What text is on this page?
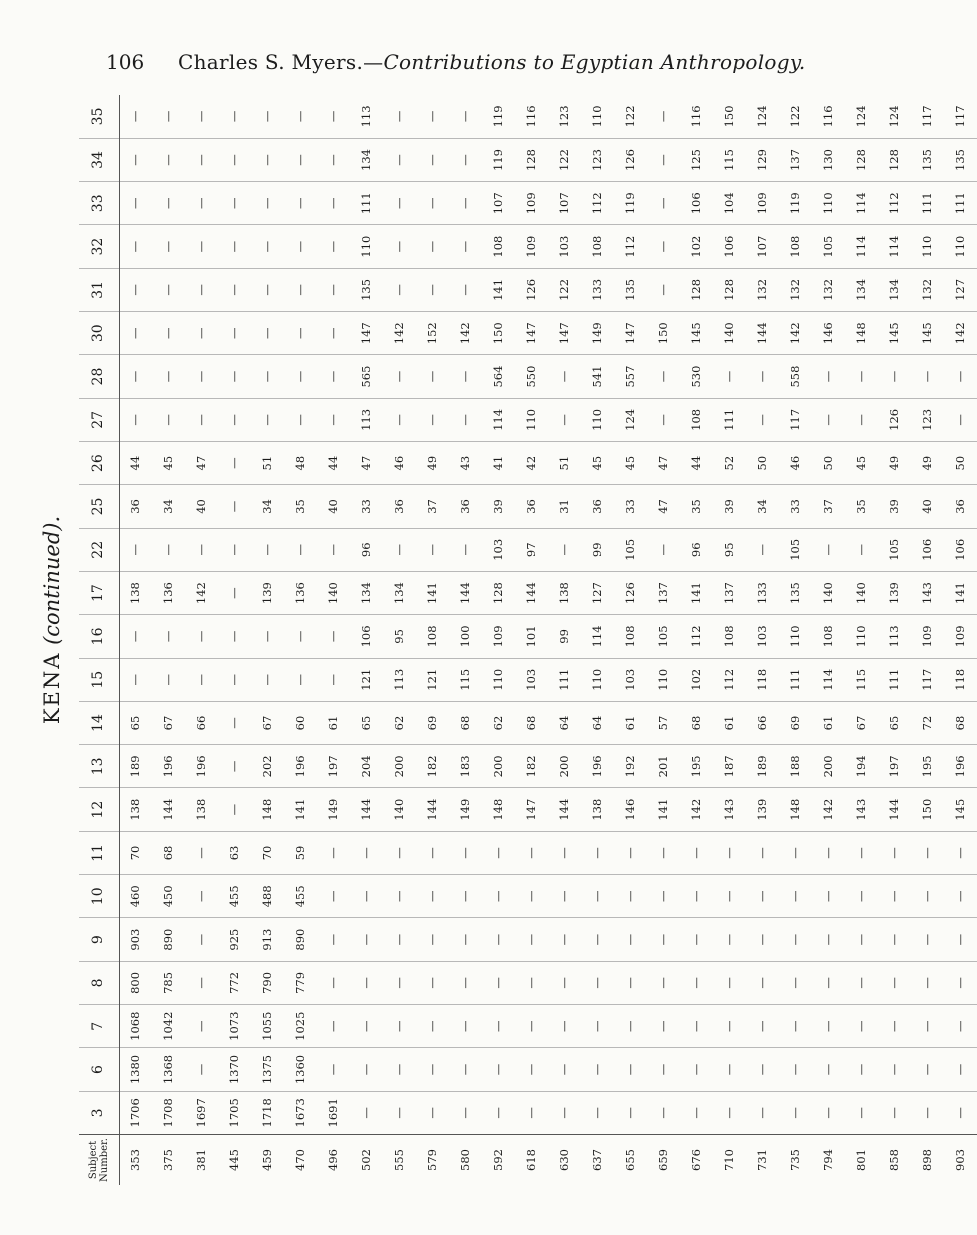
106 Charles S. Myers.—Contributions to Egyptian Anthropology.
KENA (continued).
Subject Number.	3	6	7	8	9	10	11	12	13	14	15	16	17	22	25	26	27	28	30	31	32	33	34	35
353	1706	1380	1068	800	903	460	70	138	189	65	—	—	138	—	36	44	—	—	—	—	—	—	—	—
375	1708	1368	1042	785	890	450	68	144	196	67	—	—	136	—	34	45	—	—	—	—	—	—	—	—
381	1697	—	—	—	—	—	—	138	196	66	—	—	142	—	40	47	—	—	—	—	—	—	—	—
445	1705	1370	1073	772	925	455	63	—	—	—	—	—	—	—	—	—	—	—	—	—	—	—	—	—
459	1718	1375	1055	790	913	488	70	148	202	67	—	—	139	—	34	51	—	—	—	—	—	—	—	—
470	1673	1360	1025	779	890	455	59	141	196	60	—	—	136	—	35	48	—	—	—	—	—	—	—	—
496	1691	—	—	—	—	—	—	149	197	61	—	—	140	—	40	44	—	—	—	—	—	—	—	—
502	—	—	—	—	—	—	—	144	204	65	121	106	134	96	33	47	113	565	147	135	110	111	134	113
555	—	—	—	—	—	—	—	140	200	62	113	95	134	—	36	46	—	—	142	—	—	—	—	—
579	—	—	—	—	—	—	—	144	182	69	121	108	141	—	37	49	—	—	152	—	—	—	—	—
580	—	—	—	—	—	—	—	149	183	68	115	100	144	—	36	43	—	—	142	—	—	—	—	—
592	—	—	—	—	—	—	—	148	200	62	110	109	128	103	39	41	114	564	150	141	108	107	119	119
618	—	—	—	—	—	—	—	147	182	68	103	101	144	97	36	42	110	550	147	126	109	109	128	116
630	—	—	—	—	—	—	—	144	200	64	111	99	138	—	31	51	—	—	147	122	103	107	122	123
637	—	—	—	—	—	—	—	138	196	64	110	114	127	99	36	45	110	541	149	133	108	112	123	110
655	—	—	—	—	—	—	—	146	192	61	103	108	126	105	33	45	124	557	147	135	112	119	126	122
659	—	—	—	—	—	—	—	141	201	57	110	105	137	—	47	47	—	—	150	—	—	—	—	—
676	—	—	—	—	—	—	—	142	195	68	102	112	141	96	35	44	108	530	145	128	102	106	125	116
710	—	—	—	—	—	—	—	143	187	61	112	108	137	95	39	52	111	—	140	128	106	104	115	150
731	—	—	—	—	—	—	—	139	189	66	118	103	133	—	34	50	—	—	144	132	107	109	129	124
735	—	—	—	—	—	—	—	148	188	69	111	110	135	105	33	46	117	558	142	132	108	119	137	122
794	—	—	—	—	—	—	—	142	200	61	114	108	140	—	37	50	—	—	146	132	105	110	130	116
801	—	—	—	—	—	—	—	143	194	67	115	110	140	—	35	45	—	—	148	134	114	114	128	124
858	—	—	—	—	—	—	—	144	197	65	111	113	139	105	39	49	126	—	145	134	114	112	128	124
898	—	—	—	—	—	—	—	150	195	72	117	109	143	106	40	49	123	—	145	132	110	111	135	117
903	—	—	—	—	—	—	—	145	196	68	118	109	141	106	36	50	—	—	142	127	110	111	135	117
